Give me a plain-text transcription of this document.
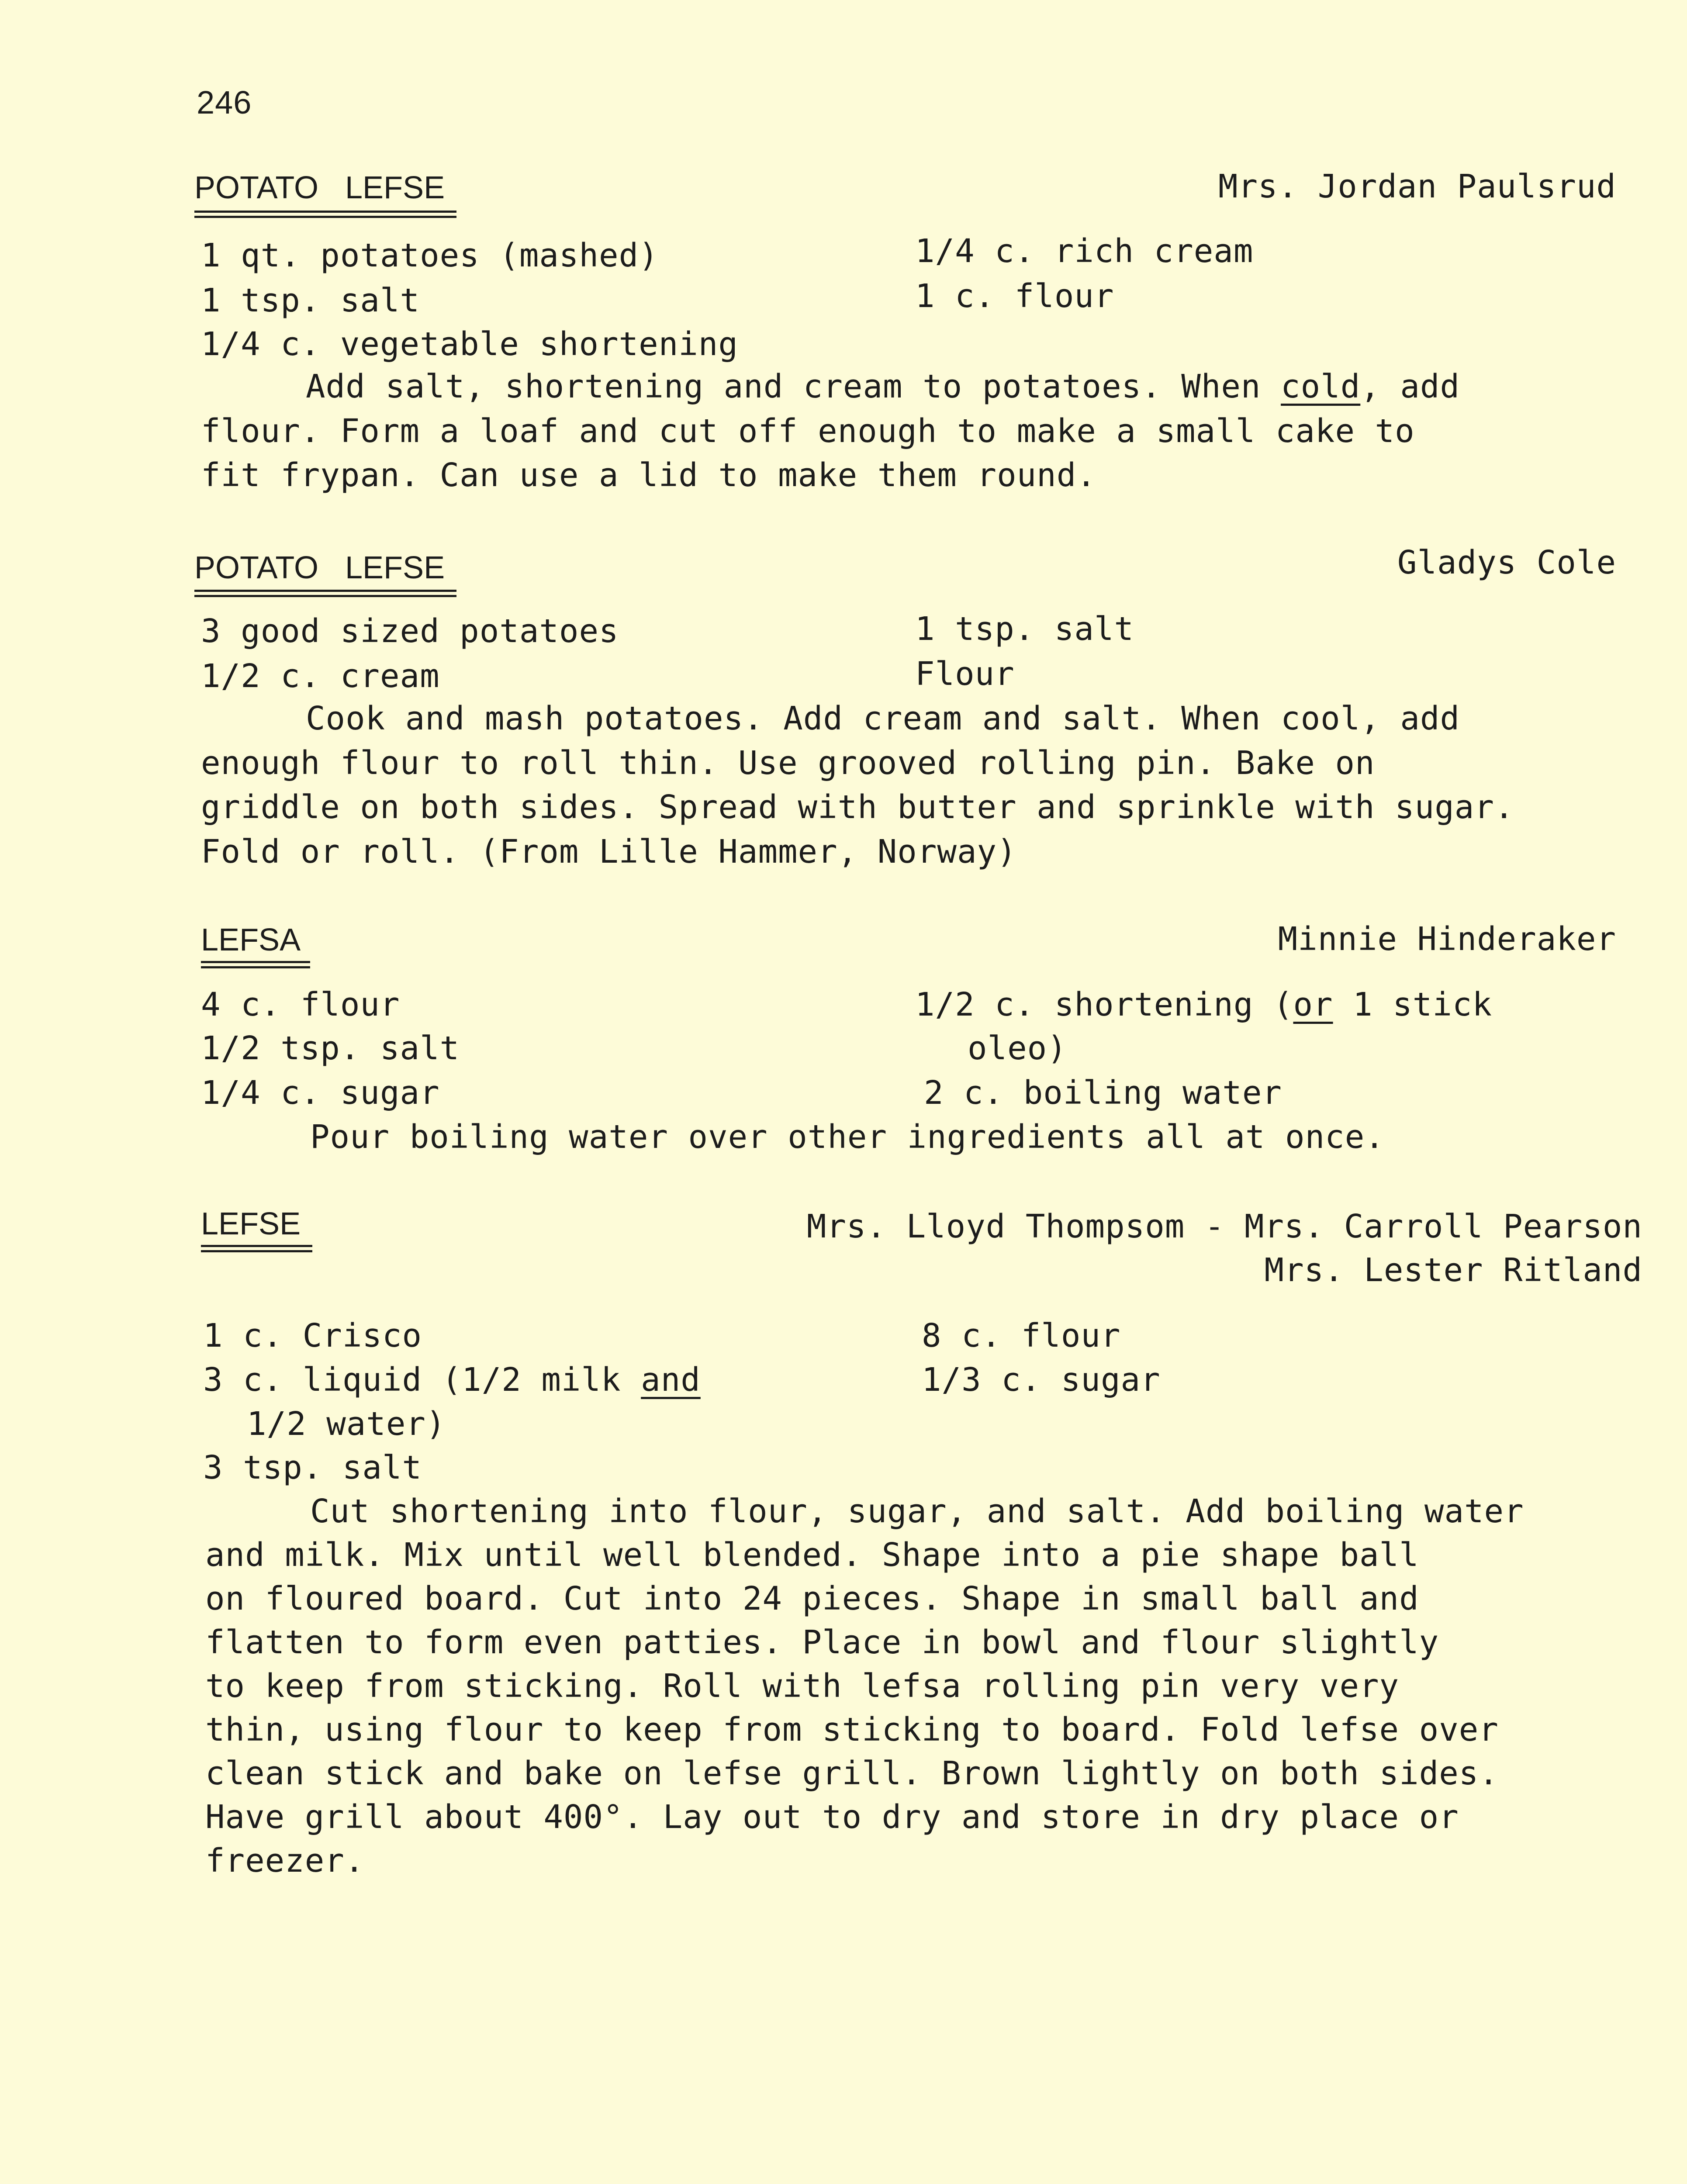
246
POTATO LEFSE	Mrs. Jordan Paulsrud
1 qt. potatoes (mashed)	1/4 c. rich cream
1 tsp. salt	1 c. flour
1/4 c. vegetable shortening
Add salt, shortening and cream to potatoes. When cold, add
flour. Form a loaf and cut off enough to make a small cake to
fit frypan. Can use a lid to make them round.
POTATO LEFSE	Gladys Cole
3 good sized potatoes	1 tsp. salt
1/2 c. cream	Flour
Cook and mash potatoes. Add cream and salt. When cool, add
enough flour to roll thin. Use grooved rolling pin. Bake on
griddle on both sides. Spread with butter and sprinkle with sugar.
Fold or roll. (From Lille Hammer, Norway)
LEFSA	Minnie Hinderaker
4 c. flour	1/2 c. shortening (or 1 stick
1/2 tsp. salt	oleo)
1/4 c. sugar	2 c. boiling water
Pour boiling water over other ingredients all at once.
LEFSE	Mrs. Lloyd Thompsom - Mrs. Carroll Pearson
Mrs. Lester Ritland
1 c. Crisco	8 c. flour
3 c. liquid (1/2 milk and	1/3 c. sugar
1/2 water)
3 tsp. salt
Cut shortening into flour, sugar, and salt. Add boiling water
and milk. Mix until well blended. Shape into a pie shape ball
on floured board. Cut into 24 pieces. Shape in small ball and
flatten to form even patties. Place in bowl and flour slightly
to keep from sticking. Roll with lefsa rolling pin very very
thin, using flour to keep from sticking to board. Fold lefse over
clean stick and bake on lefse grill. Brown lightly on both sides.
Have grill about 400°. Lay out to dry and store in dry place or
freezer.
